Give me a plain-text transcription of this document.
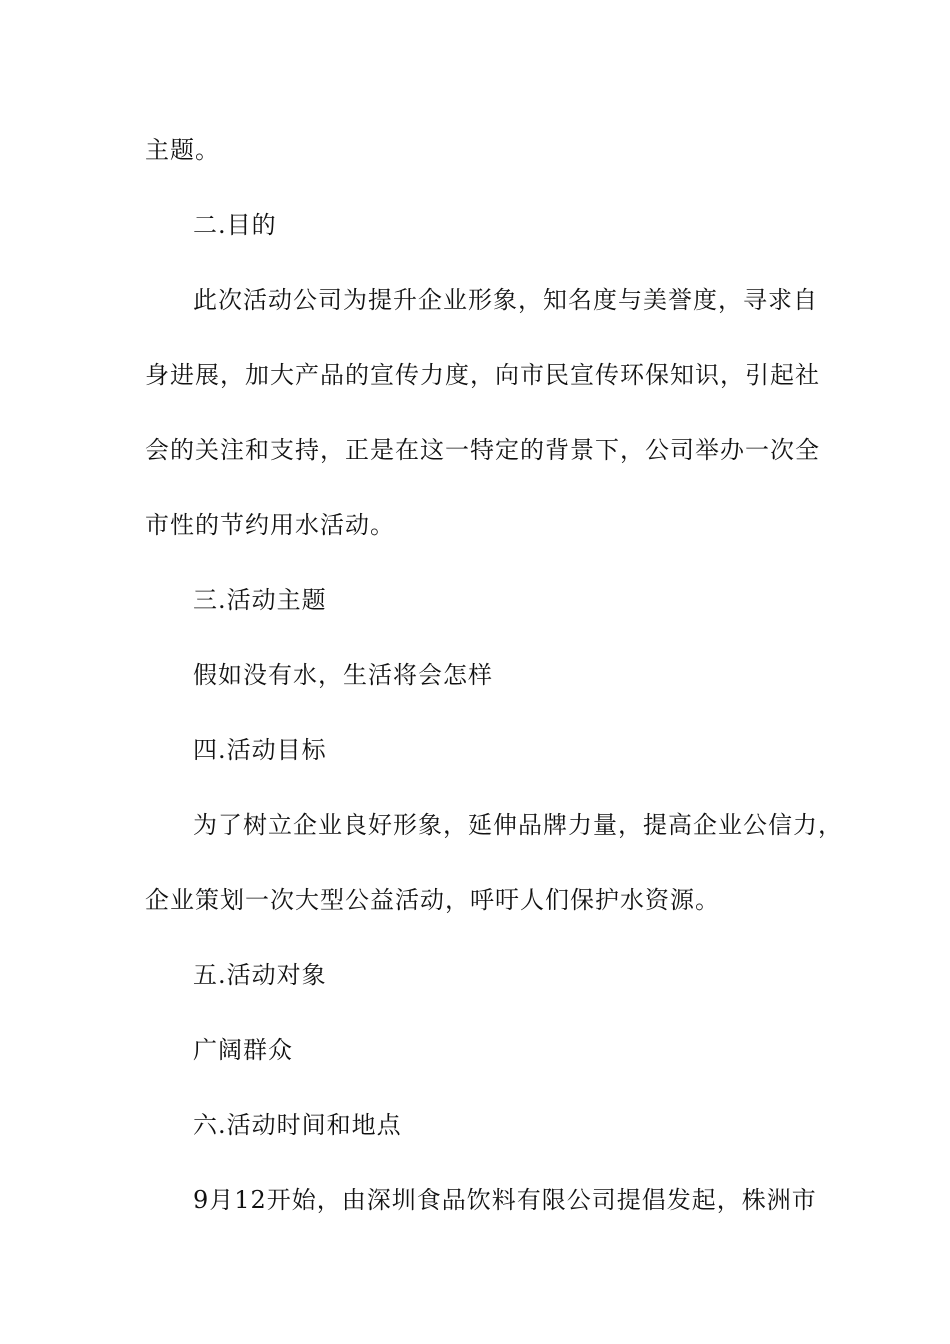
主题。
二.目的
此次活动公司为提升企业形象，知名度与美誉度，寻求自
身进展，加大产品的宣传力度，向市民宣传环保知识，引起社
会的关注和支持，正是在这一特定的背景下，公司举办一次全
市性的节约用水活动。
三.活动主题
假如没有水，生活将会怎样
四.活动目标
为了树立企业良好形象，延伸品牌力量，提高企业公信力，
企业策划一次大型公益活动，呼吁人们保护水资源。
五.活动对象
广阔群众
六.活动时间和地点
9月12开始，由深圳食品饮料有限公司提倡发起，株洲市
